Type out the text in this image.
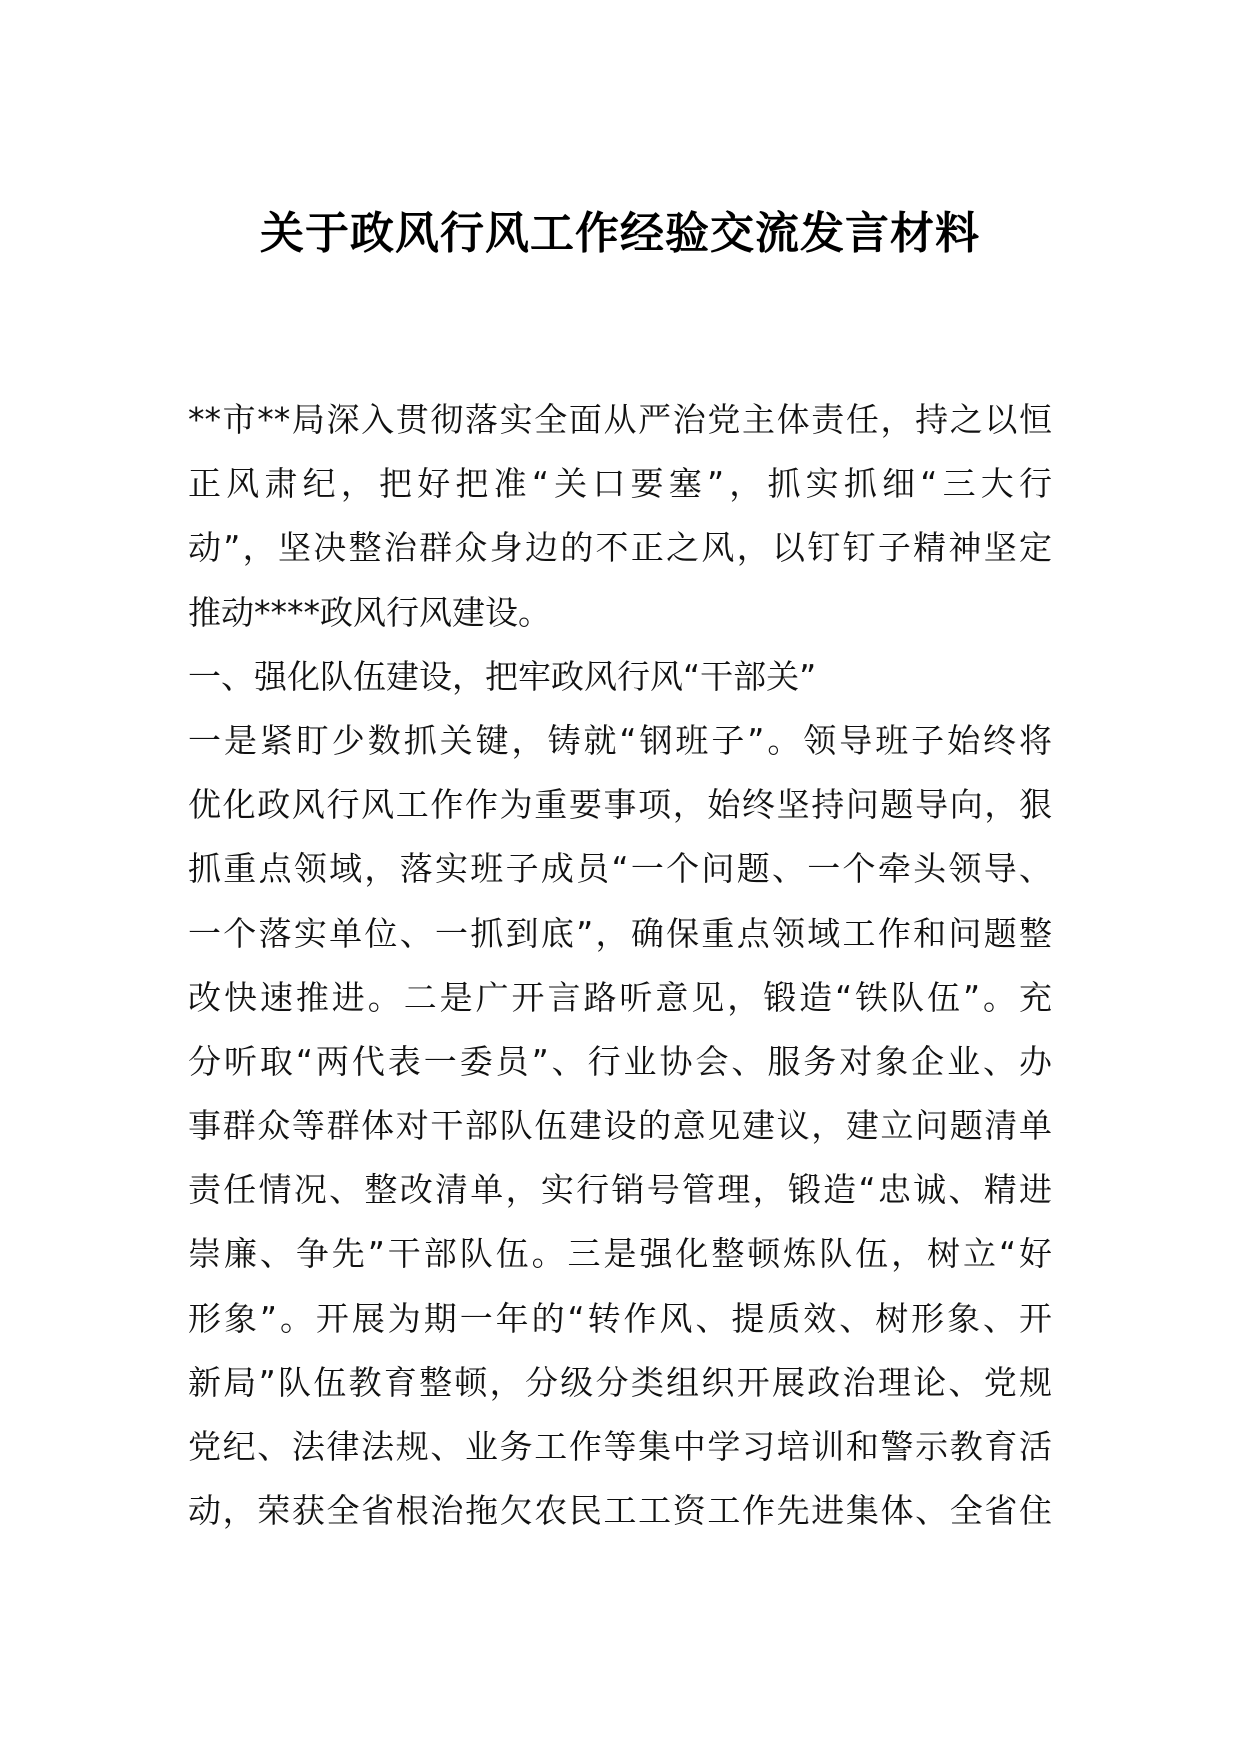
关于政风行风工作经验交流发言材料
**市**局深入贯彻落实全面从严治党主体责任，持之以恒
正风肃纪，把好把准“关口要塞”，抓实抓细“三大行
动”，坚决整治群众身边的不正之风，以钉钉子精神坚定
推动****政风行风建设。
一、强化队伍建设，把牢政风行风“干部关”
一是紧盯少数抓关键，铸就“钢班子”。领导班子始终将
优化政风行风工作作为重要事项，始终坚持问题导向，狠
抓重点领域，落实班子成员“一个问题、一个牵头领导、
一个落实单位、一抓到底”，确保重点领域工作和问题整
改快速推进。二是广开言路听意见，锻造“铁队伍”。充
分听取“两代表一委员”、行业协会、服务对象企业、办
事群众等群体对干部队伍建设的意见建议，建立问题清单
责任情况、整改清单，实行销号管理，锻造“忠诚、精进
崇廉、争先”干部队伍。三是强化整顿炼队伍，树立“好
形象”。开展为期一年的“转作风、提质效、树形象、开
新局”队伍教育整顿，分级分类组织开展政治理论、党规
党纪、法律法规、业务工作等集中学习培训和警示教育活
动，荣获全省根治拖欠农民工工资工作先进集体、全省住
